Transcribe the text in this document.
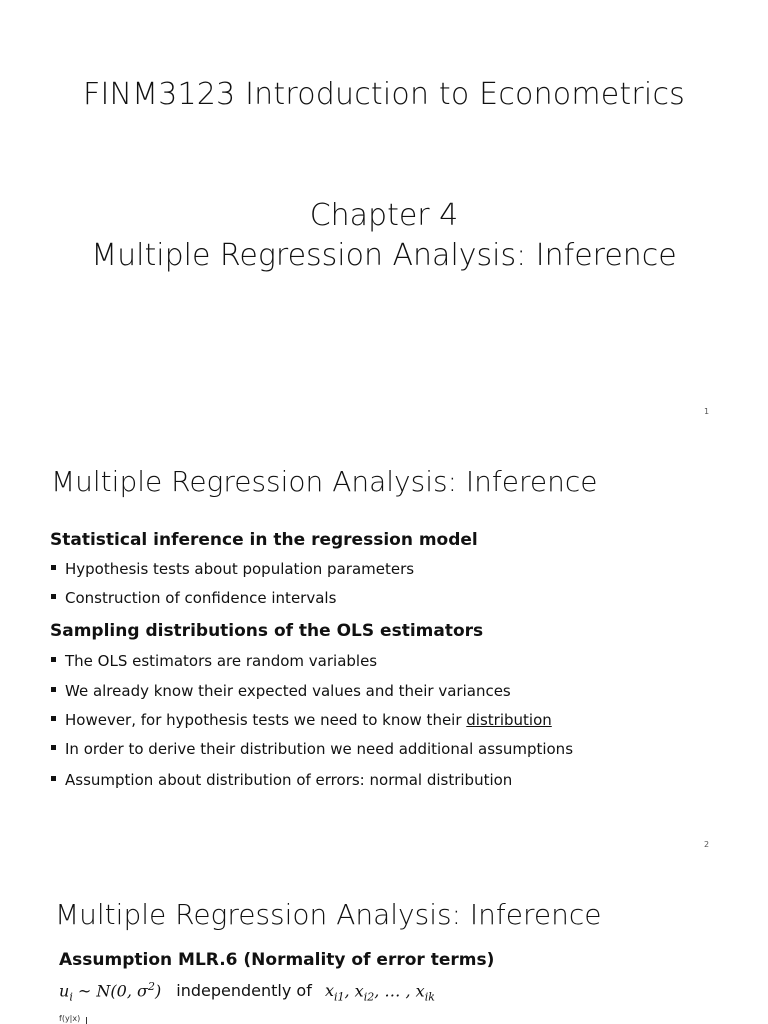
FINM3123 Introduction to Econometrics
Chapter 4
Multiple Regression Analysis: Inference
1
Multiple Regression Analysis: Inference
Statistical inference in the regression model
Hypothesis tests about population parameters
Construction of confidence intervals
Sampling distributions of the OLS estimators
The OLS estimators are random variables
We already know their expected values and their variances
However, for hypothesis tests we need to know their distribution
In order to derive their distribution we need additional assumptions
Assumption about distribution of errors: normal distribution
2
Multiple Regression Analysis: Inference
Assumption MLR.6 (Normality of error terms)
$u_i$ ~ N(0, $\sigma^2$) independently of $x_{i1}$, $x_{i2}$, … , $x_{ik}$
f(y|x)
